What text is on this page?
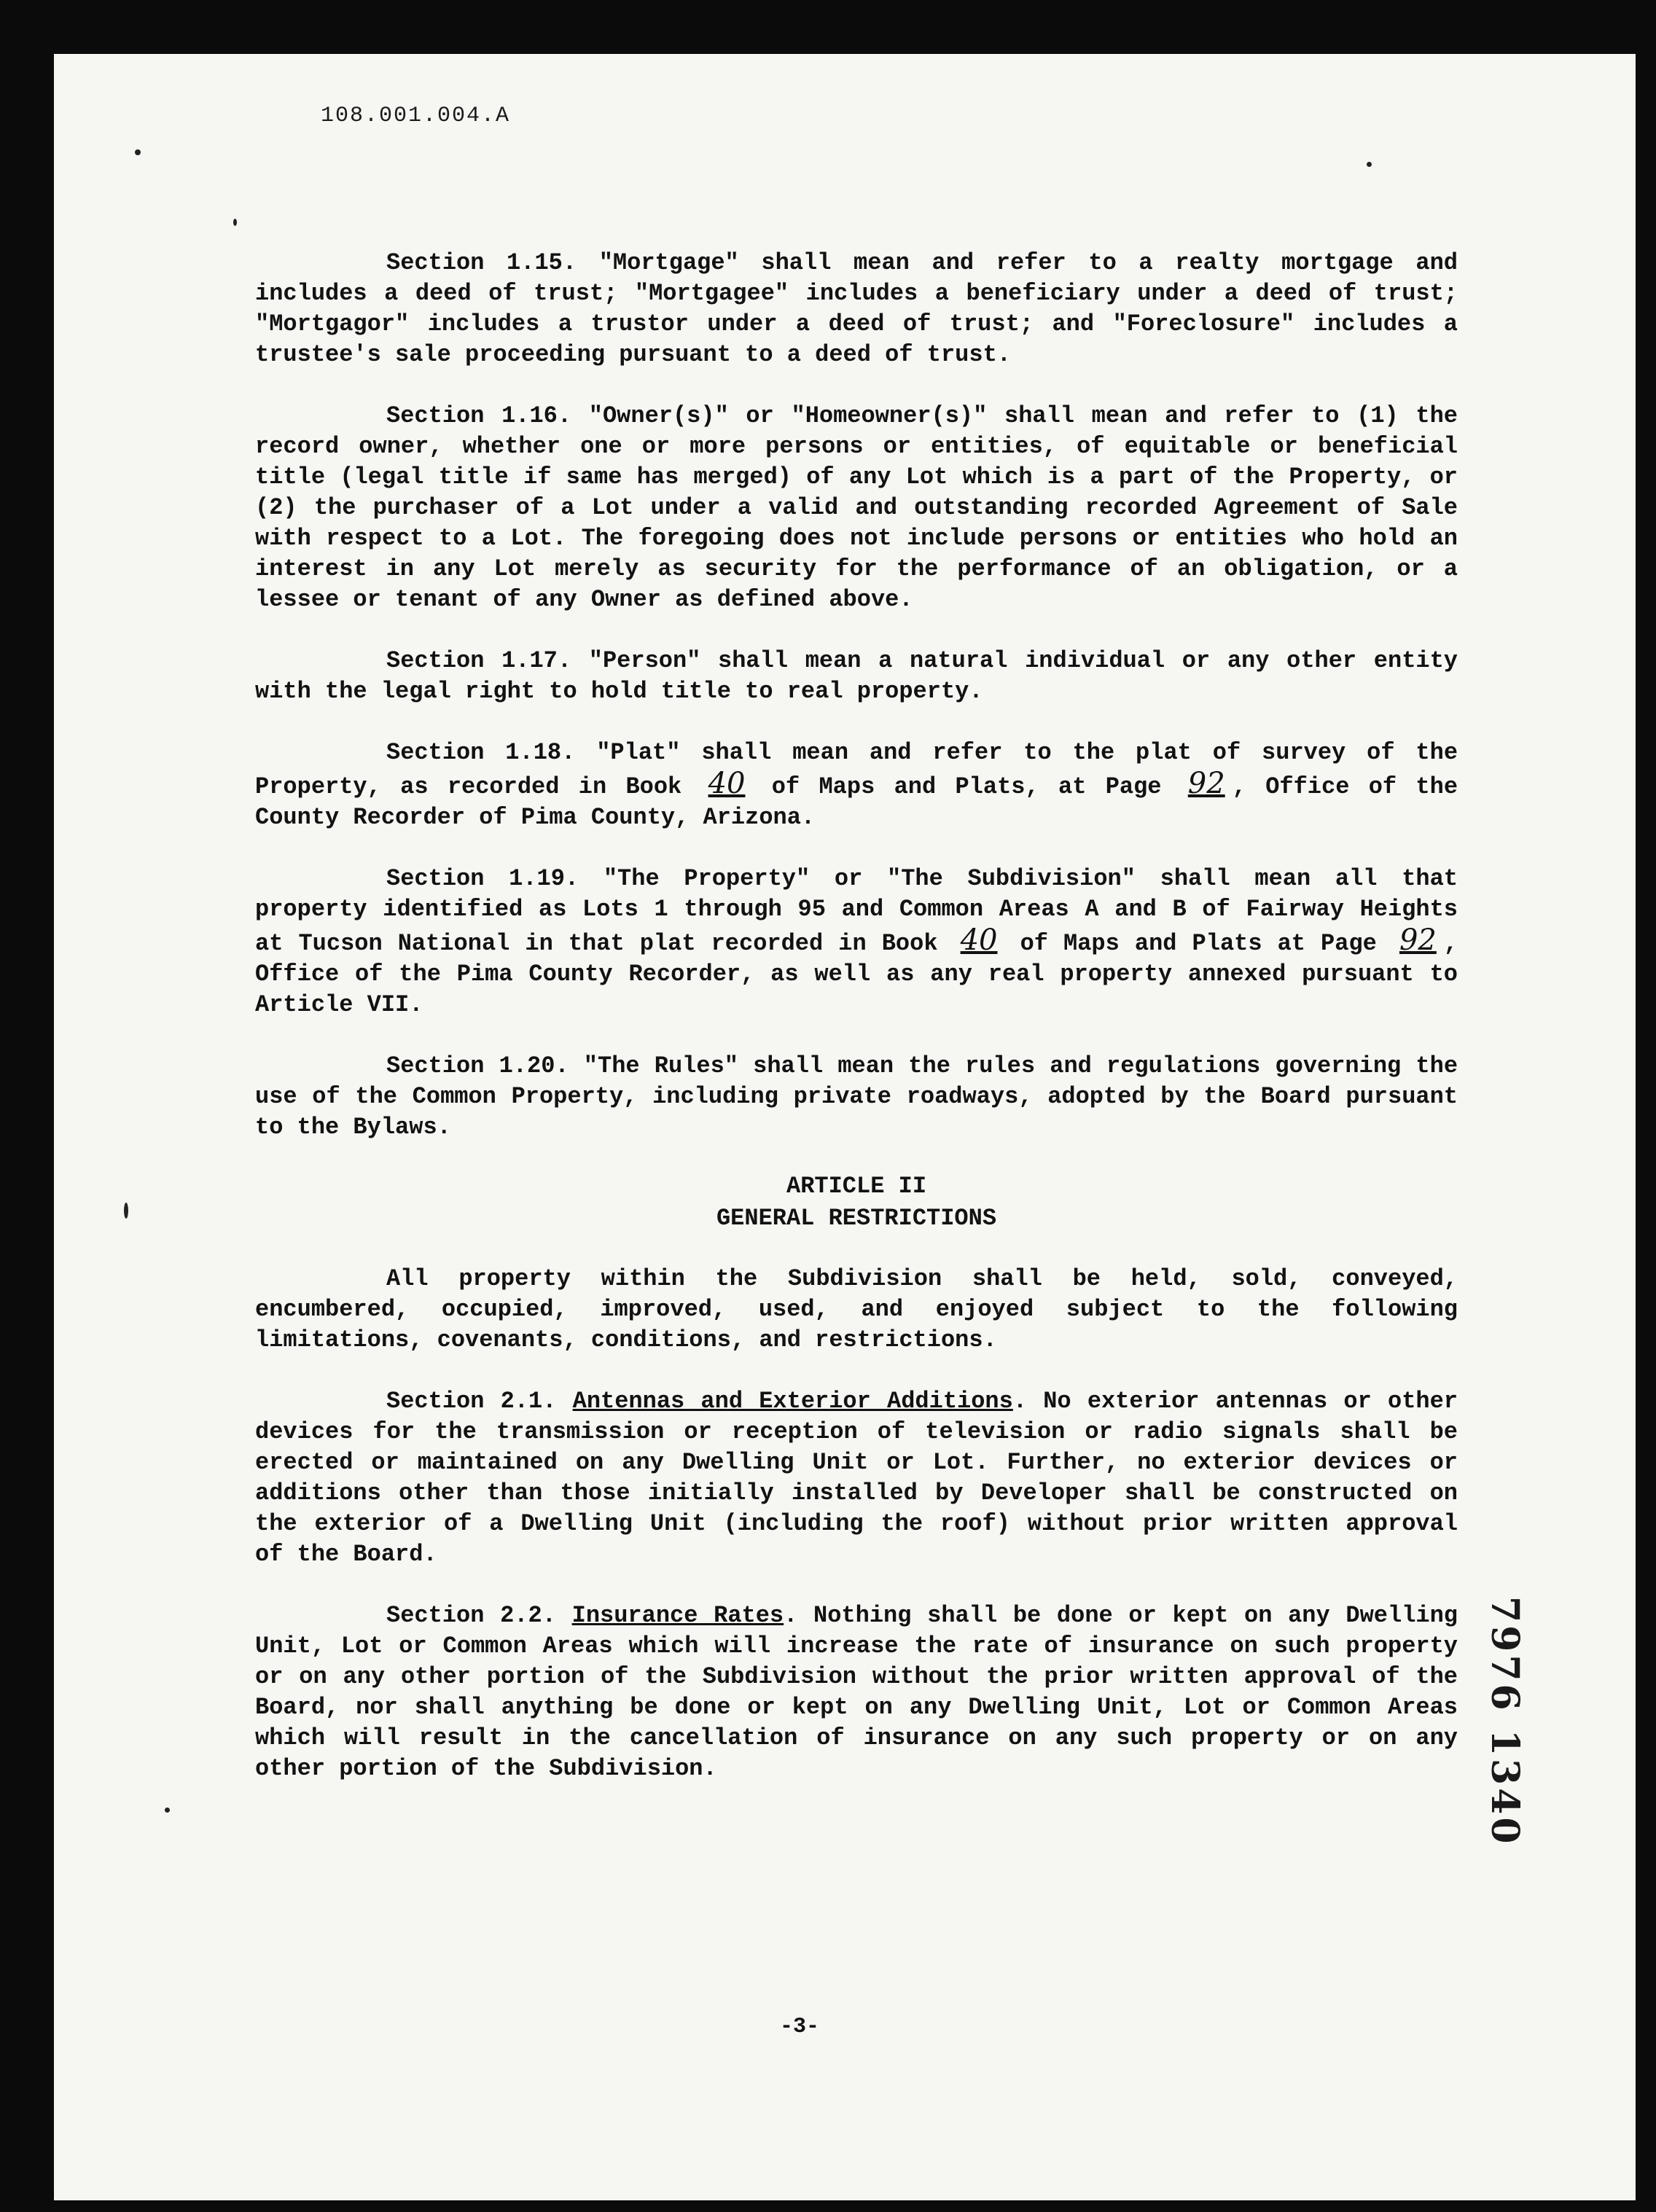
108.001.004.A

Section 1.15. "Mortgage" shall mean and refer to a realty mortgage and includes a deed of trust; "Mortgagee" includes a beneficiary under a deed of trust; "Mortgagor" includes a trustor under a deed of trust; and "Foreclosure" includes a trustee's sale proceeding pursuant to a deed of trust.

Section 1.16. "Owner(s)" or "Homeowner(s)" shall mean and refer to (1) the record owner, whether one or more persons or entities, of equitable or beneficial title (legal title if same has merged) of any Lot which is a part of the Property, or (2) the purchaser of a Lot under a valid and outstanding recorded Agreement of Sale with respect to a Lot. The foregoing does not include persons or entities who hold an interest in any Lot merely as security for the performance of an obligation, or a lessee or tenant of any Owner as defined above.

Section 1.17. "Person" shall mean a natural individual or any other entity with the legal right to hold title to real property.

Section 1.18. "Plat" shall mean and refer to the plat of survey of the Property, as recorded in Book 40 of Maps and Plats, at Page 92 , Office of the County Recorder of Pima County, Arizona.

Section 1.19. "The Property" or "The Subdivision" shall mean all that property identified as Lots 1 through 95 and Common Areas A and B of Fairway Heights at Tucson National in that plat recorded in Book 40 of Maps and Plats at Page 92 , Office of the Pima County Recorder, as well as any real property annexed pursuant to Article VII.

Section 1.20. "The Rules" shall mean the rules and regulations governing the use of the Common Property, including private roadways, adopted by the Board pursuant to the Bylaws.

ARTICLE II
GENERAL RESTRICTIONS

All property within the Subdivision shall be held, sold, conveyed, encumbered, occupied, improved, used, and enjoyed subject to the following limitations, covenants, conditions, and restrictions.

Section 2.1. Antennas and Exterior Additions. No exterior antennas or other devices for the transmission or reception of television or radio signals shall be erected or maintained on any Dwelling Unit or Lot. Further, no exterior devices or additions other than those initially installed by Developer shall be constructed on the exterior of a Dwelling Unit (including the roof) without prior written approval of the Board.

Section 2.2. Insurance Rates. Nothing shall be done or kept on any Dwelling Unit, Lot or Common Areas which will increase the rate of insurance on such property or on any other portion of the Subdivision without the prior written approval of the Board, nor shall anything be done or kept on any Dwelling Unit, Lot or Common Areas which will result in the cancellation of insurance on any such property or on any other portion of the Subdivision.

-3-
7976 1340
